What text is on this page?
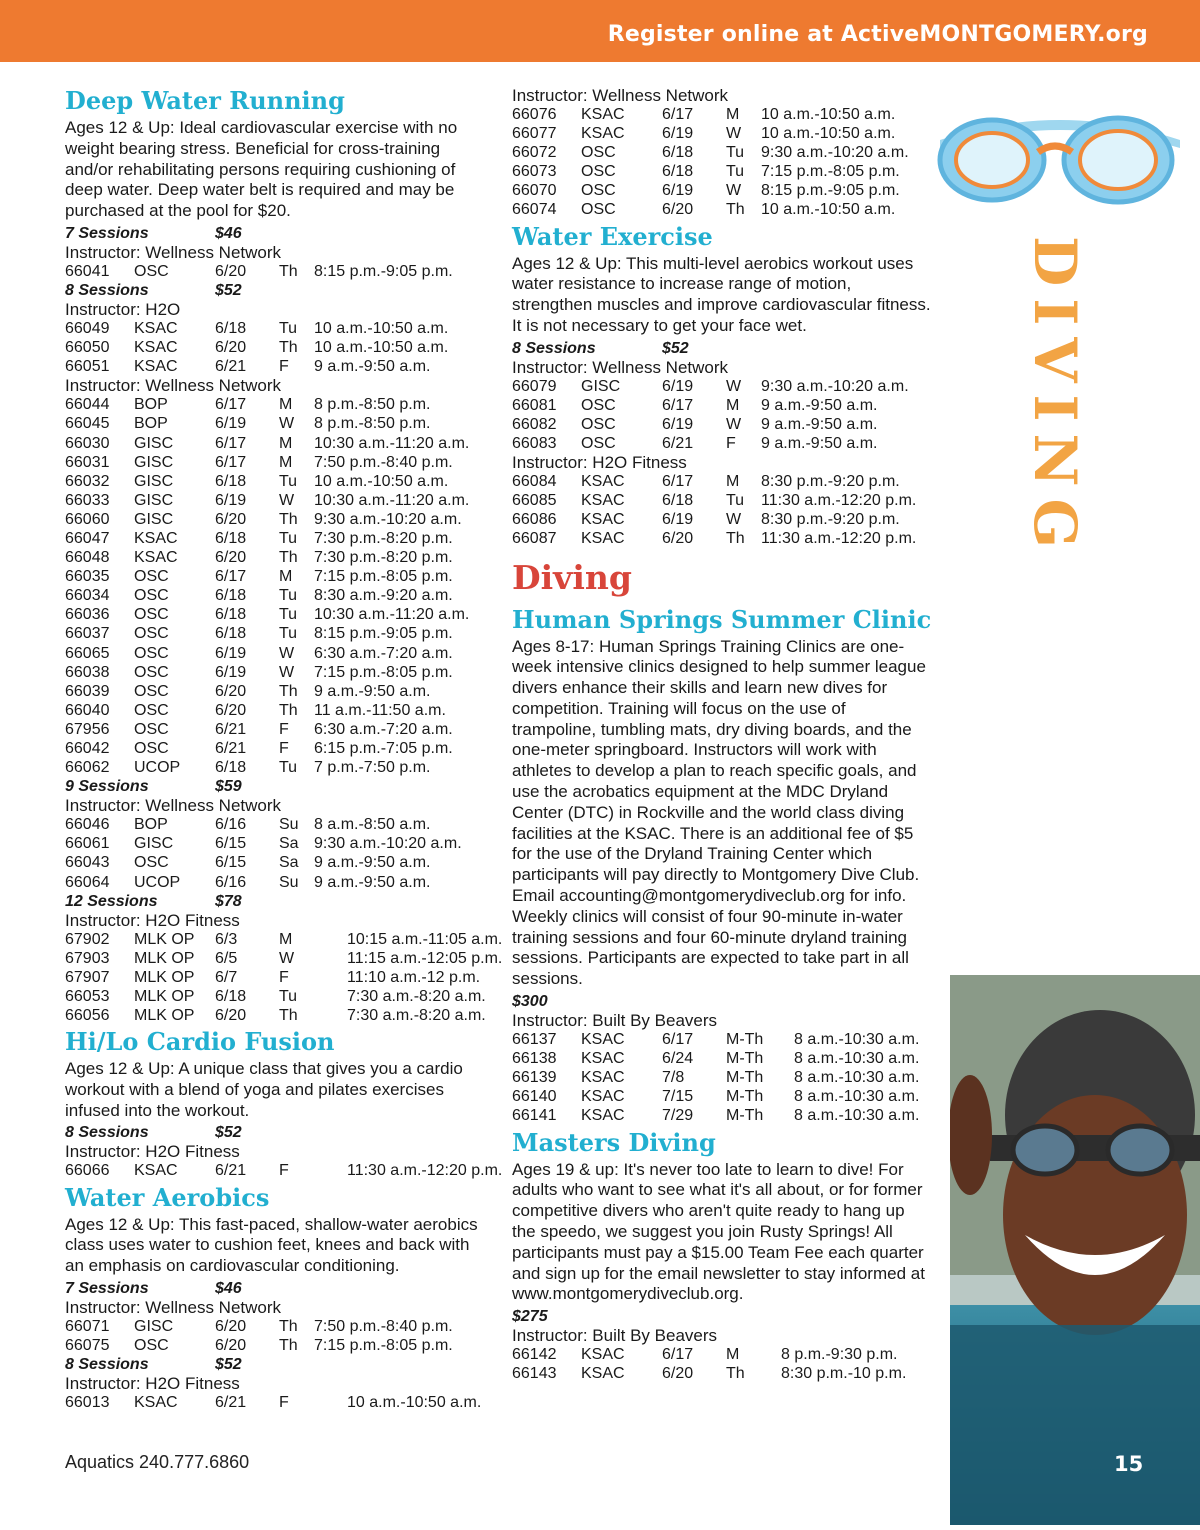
Register online at ActiveMONTGOMERY.org
DIVING
Deep Water Running
Ages 12 & Up: Ideal cardiovascular exercise with no weight bearing stress. Beneficial for cross-training and/or rehabilitating persons requiring cushioning of deep water. Deep water belt is required and may be purchased at the pool for $20.
7 Sessions	$46
Instructor: Wellness Network
66041 OSC	6/20 Th 8:15 p.m.-9:05 p.m.
8 Sessions	$52
Instructor: H2O
66049 KSAC 6/18 Tu 10 a.m.-10:50 a.m.
66050 KSAC 6/20 Th 10 a.m.-10:50 a.m.
66051 KSAC 6/21 F 9 a.m.-9:50 a.m.
Instructor: Wellness Network
66044 BOP	6/17 M 8 p.m.-8:50 p.m.
66045 BOP	6/19 W 8 p.m.-8:50 p.m.
66030 GISC	6/17 M 10:30 a.m.-11:20 a.m.
66031 GISC	6/17 M 7:50 p.m.-8:40 p.m.
66032 GISC	6/18 Tu 10 a.m.-10:50 a.m.
66033 GISC	6/19 W 10:30 a.m.-11:20 a.m.
66060 GISC	6/20 Th 9:30 a.m.-10:20 a.m.
66047 KSAC 6/18 Tu 7:30 p.m.-8:20 p.m.
66048 KSAC 6/20 Th 7:30 p.m.-8:20 p.m.
66035 OSC	6/17 M 7:15 p.m.-8:05 p.m.
66034 OSC	6/18 Tu 8:30 a.m.-9:20 a.m.
66036 OSC	6/18 Tu 10:30 a.m.-11:20 a.m.
66037 OSC	6/18 Tu 8:15 p.m.-9:05 p.m.
66065 OSC	6/19 W 6:30 a.m.-7:20 a.m.
66038 OSC	6/19 W 7:15 p.m.-8:05 p.m.
66039 OSC	6/20 Th 9 a.m.-9:50 a.m.
66040 OSC	6/20 Th 11 a.m.-11:50 a.m.
67956 OSC	6/21 F 6:30 a.m.-7:20 a.m.
66042 OSC	6/21 F 6:15 p.m.-7:05 p.m.
66062 UCOP 6/18 Tu 7 p.m.-7:50 p.m.
9 Sessions	$59
Instructor: Wellness Network
66046 BOP	6/16 Su 8 a.m.-8:50 a.m.
66061 GISC	6/15 Sa 9:30 a.m.-10:20 a.m.
66043 OSC	6/15 Sa 9 a.m.-9:50 a.m.
66064 UCOP 6/16 Su 9 a.m.-9:50 a.m.
12 Sessions	$78
Instructor: H2O Fitness
67902 MLK OP 6/3	M	10:15 a.m.-11:05 a.m.
67903 MLK OP 6/5	W	11:15 a.m.-12:05 p.m.
67907 MLK OP 6/7	F	11:10 a.m.-12 p.m.
66053 MLK OP 6/18 Tu	7:30 a.m.-8:20 a.m.
66056 MLK OP 6/20 Th	7:30 a.m.-8:20 a.m.
Hi/Lo Cardio Fusion
Ages 12 & Up: A unique class that gives you a cardio workout with a blend of yoga and pilates exercises infused into the workout.
8 Sessions	$52
Instructor: H2O Fitness
66066 KSAC 6/21 F	11:30 a.m.-12:20 p.m.
Water Aerobics
Ages 12 & Up: This fast-paced, shallow-water aerobics class uses water to cushion feet, knees and back with an emphasis on cardiovascular conditioning.
7 Sessions	$46
Instructor: Wellness Network
66071 GISC	6/20 Th 7:50 p.m.-8:40 p.m.
66075 OSC	6/20 Th 7:15 p.m.-8:05 p.m.
8 Sessions	$52
Instructor: H2O Fitness
66013 KSAC 6/21 F	10 a.m.-10:50 a.m.
Instructor: Wellness Network
66076 KSAC 6/17 M 10 a.m.-10:50 a.m.
66077 KSAC 6/19 W 10 a.m.-10:50 a.m.
66072 OSC	6/18 Tu 9:30 a.m.-10:20 a.m.
66073 OSC	6/18 Tu 7:15 p.m.-8:05 p.m.
66070 OSC	6/19 W 8:15 p.m.-9:05 p.m.
66074 OSC	6/20 Th 10 a.m.-10:50 a.m.
Water Exercise
Ages 12 & Up: This multi-level aerobics workout uses water resistance to increase range of motion, strengthen muscles and improve cardiovascular fitness. It is not necessary to get your face wet.
8 Sessions	$52
Instructor: Wellness Network
66079 GISC	6/19 W 9:30 a.m.-10:20 a.m.
66081 OSC	6/17 M 9 a.m.-9:50 a.m.
66082 OSC	6/19 W 9 a.m.-9:50 a.m.
66083 OSC	6/21 F 9 a.m.-9:50 a.m.
Instructor: H2O Fitness
66084 KSAC 6/17 M 8:30 p.m.-9:20 p.m.
66085 KSAC 6/18 Tu 11:30 a.m.-12:20 p.m.
66086 KSAC 6/19 W 8:30 p.m.-9:20 p.m.
66087 KSAC 6/20 Th 11:30 a.m.-12:20 p.m.
Diving
Human Springs Summer Clinic
Ages 8-17: Human Springs Training Clinics are one-week intensive clinics designed to help summer league divers enhance their skills and learn new dives for competition. Training will focus on the use of trampoline, tumbling mats, dry diving boards, and the one-meter springboard. Instructors will work with athletes to develop a plan to reach specific goals, and use the acrobatics equipment at the MDC Dryland Center (DTC) in Rockville and the world class diving facilities at the KSAC. There is an additional fee of $5 for the use of the Dryland Training Center which participants will pay directly to Montgomery Dive Club. Email accounting@montgomerydiveclub.org for info. Weekly clinics will consist of four 90-minute in-water training sessions and four 60-minute dryland training sessions. Participants are expected to take part in all sessions.
$300
Instructor: Built By Beavers
66137 KSAC 6/17 M-Th 8 a.m.-10:30 a.m.
66138 KSAC 6/24 M-Th 8 a.m.-10:30 a.m.
66139 KSAC 7/8	M-Th 8 a.m.-10:30 a.m.
66140 KSAC 7/15 M-Th 8 a.m.-10:30 a.m.
66141 KSAC 7/29 M-Th 8 a.m.-10:30 a.m.
Masters Diving
Ages 19 & up: It's never too late to learn to dive! For adults who want to see what it's all about, or for former competitive divers who aren't quite ready to hang up the speedo, we suggest you join Rusty Springs! All participants must pay a $15.00 Team Fee each quarter and sign up for the email newsletter to stay informed at www.montgomerydiveclub.org.
$275
Instructor: Built By Beavers
66142 KSAC 6/17 M	8 p.m.-9:30 p.m.
66143 KSAC 6/20 Th 8:30 p.m.-10 p.m.
Aquatics 240.777.6860	15
